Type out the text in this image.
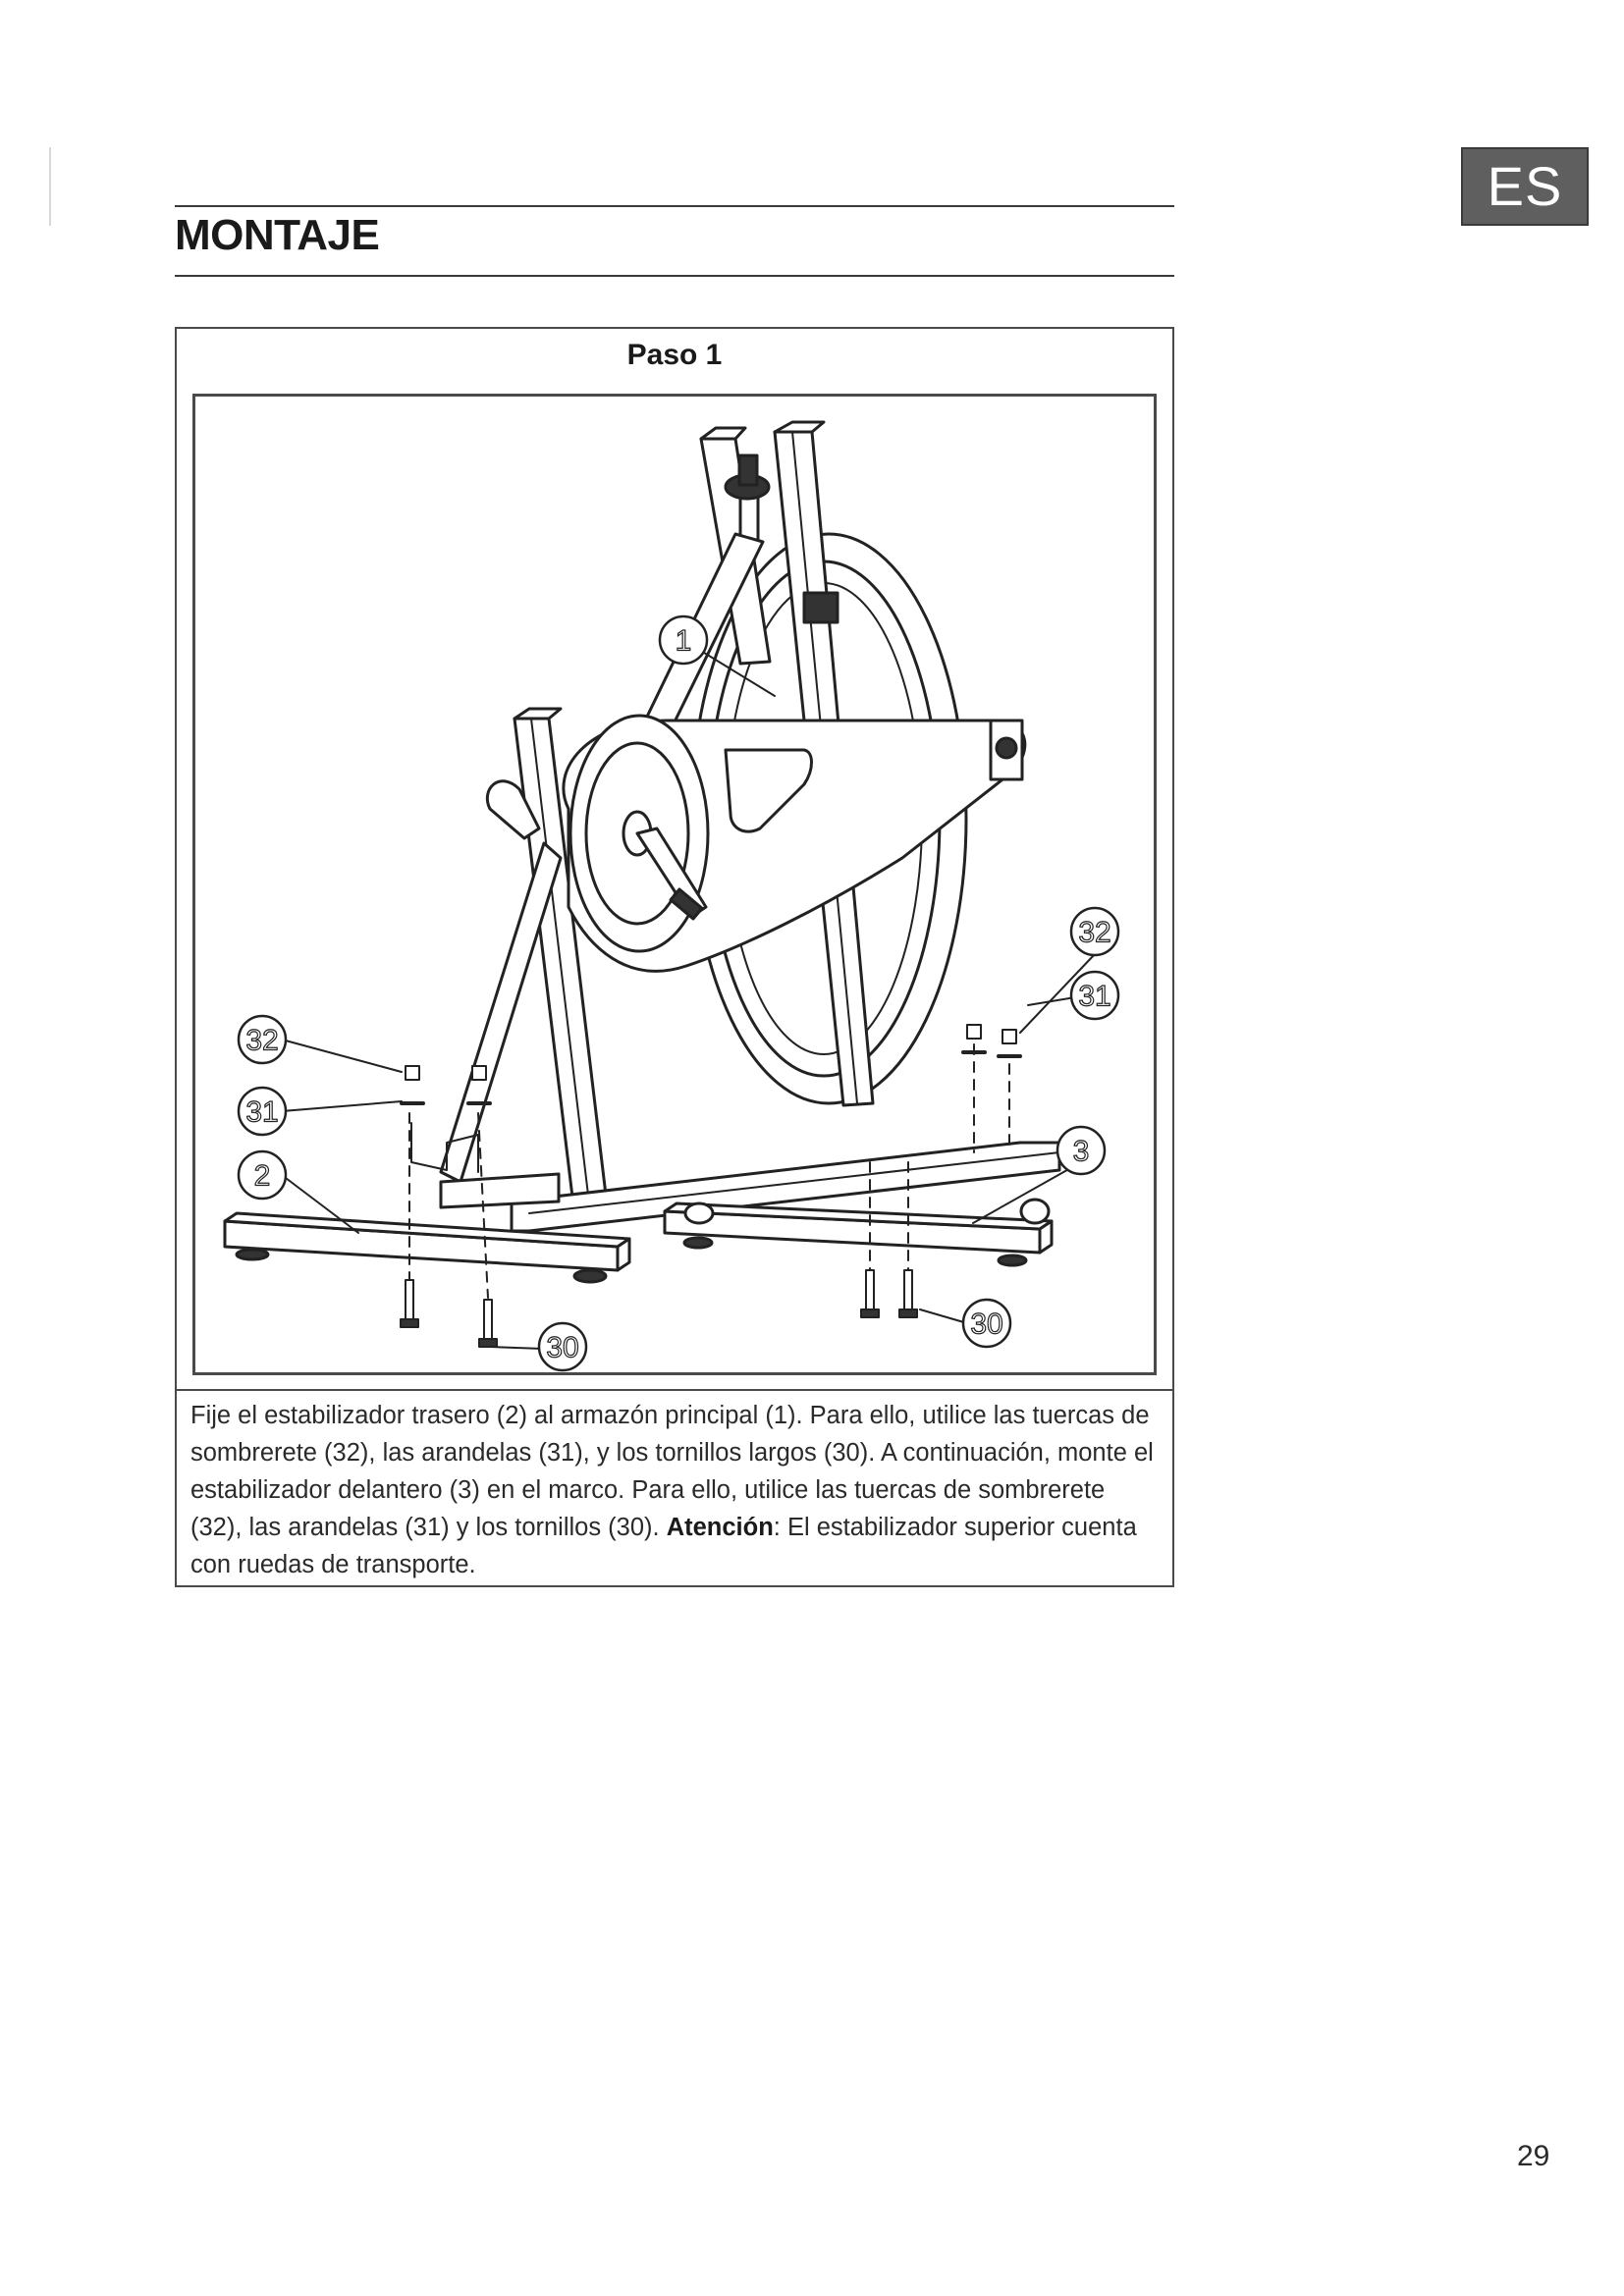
ES
MONTAJE
Paso 1
1
32
31
2
32
31
3
30
30
Fije el estabilizador trasero (2) al armazón principal (1). Para ello, utilice las tuercas de sombrerete (32), las arandelas (31), y los tornillos largos (30). A continuación, monte el estabilizador delantero (3) en el marco. Para ello, utilice las tuercas de sombrerete (32), las arandelas (31) y los tornillos (30). Atención: El estabilizador superior cuenta con ruedas de transporte.
29
